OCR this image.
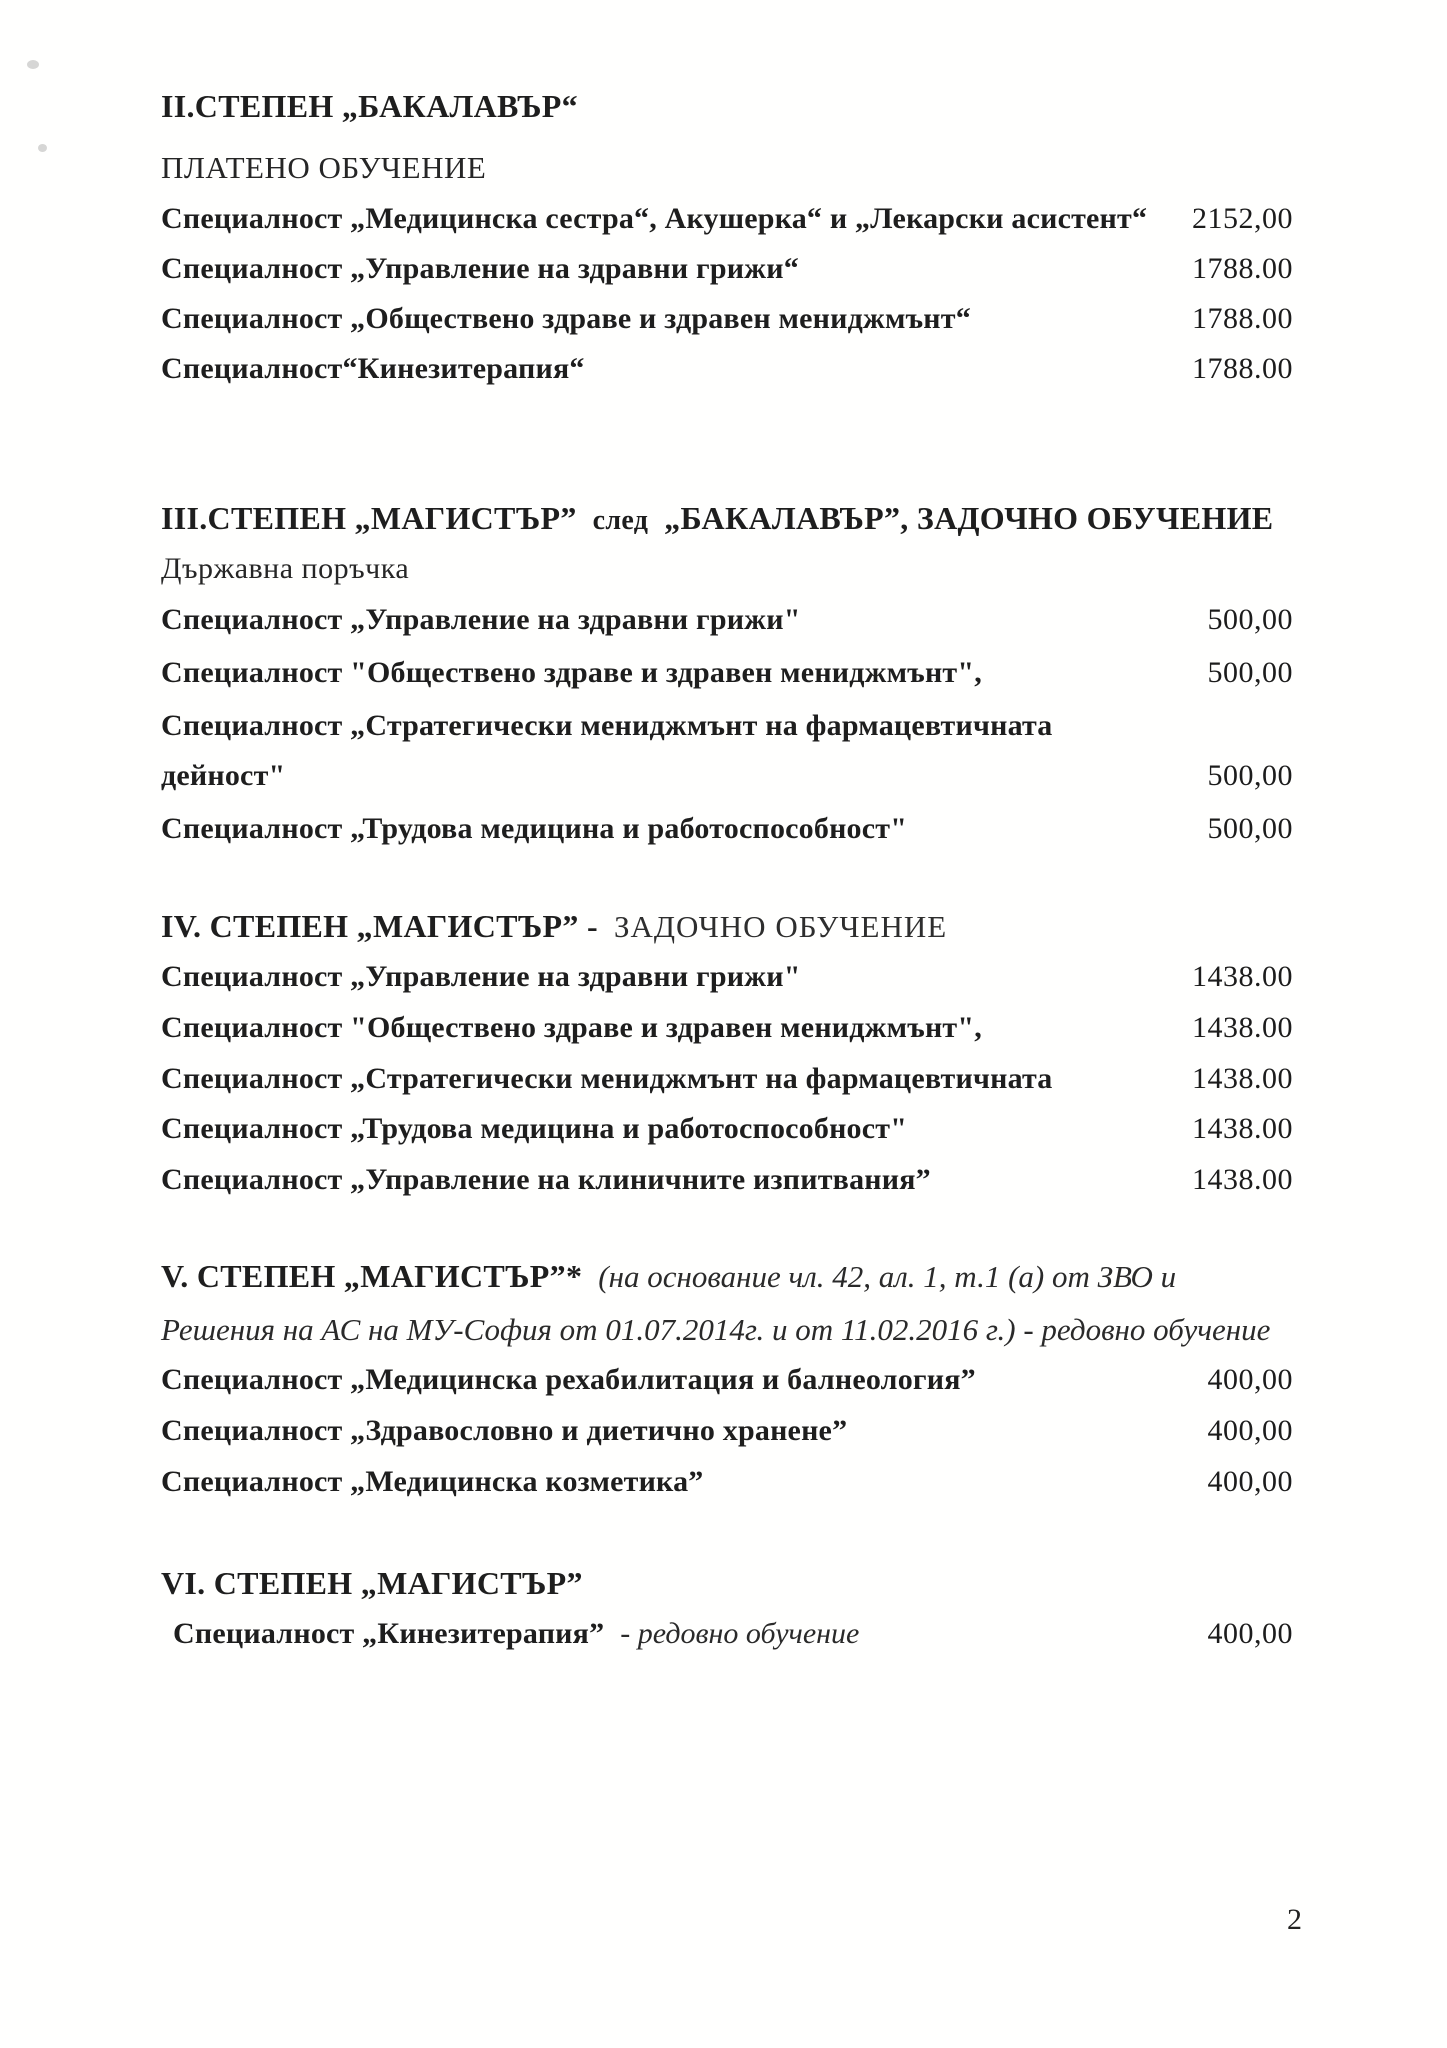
II.СТЕПЕН „БАКАЛАВЪР“
ПЛАТЕНО ОБУЧЕНИЕ
Специалност „Медицинска сестра“, Акушерка“ и „Лекарски асистент“ 2152,00
Специалност „Управление на здравни грижи“	1788.00
Специалност „Обществено здраве и здравен мениджмънт“	1788.00
Специалност“Кинезитерапия“	1788.00
III.СТЕПЕН „МАГИСТЪР” след „БАКАЛАВЪР”, ЗАДОЧНО ОБУЧЕНИЕ
Държавна поръчка
Специалност „Управление на здравни грижи"	500,00
Специалност "Обществено здраве и здравен мениджмънт",	500,00
Специалност „Стратегически мениджмънт на фармацевтичната
дейност"	500,00
Специалност „Трудова медицина и работоспособност"	500,00
IV. СТЕПЕН „МАГИСТЪР” - ЗАДОЧНО ОБУЧЕНИЕ
Специалност „Управление на здравни грижи"	1438.00
Специалност "Обществено здраве и здравен мениджмънт",	1438.00
Специалност „Стратегически мениджмънт на фармацевтичната	1438.00
Специалност „Трудова медицина и работоспособност"	1438.00
Специалност „Управление на клиничните изпитвания”	1438.00
V. СТЕПЕН „МАГИСТЪР”* (на основание чл. 42, ал. 1, т.1 (а) от ЗВО и
Решения на АС на МУ-София от 01.07.2014г. и от 11.02.2016 г.) - редовно обучение
Специалност „Медицинска рехабилитация и балнеология”	400,00
Специалност „Здравословно и диетично хранене”	400,00
Специалност „Медицинска козметика”	400,00
VI. СТЕПЕН „МАГИСТЪР”
Специалност „Кинезитерапия” - редовно обучение	400,00
2
